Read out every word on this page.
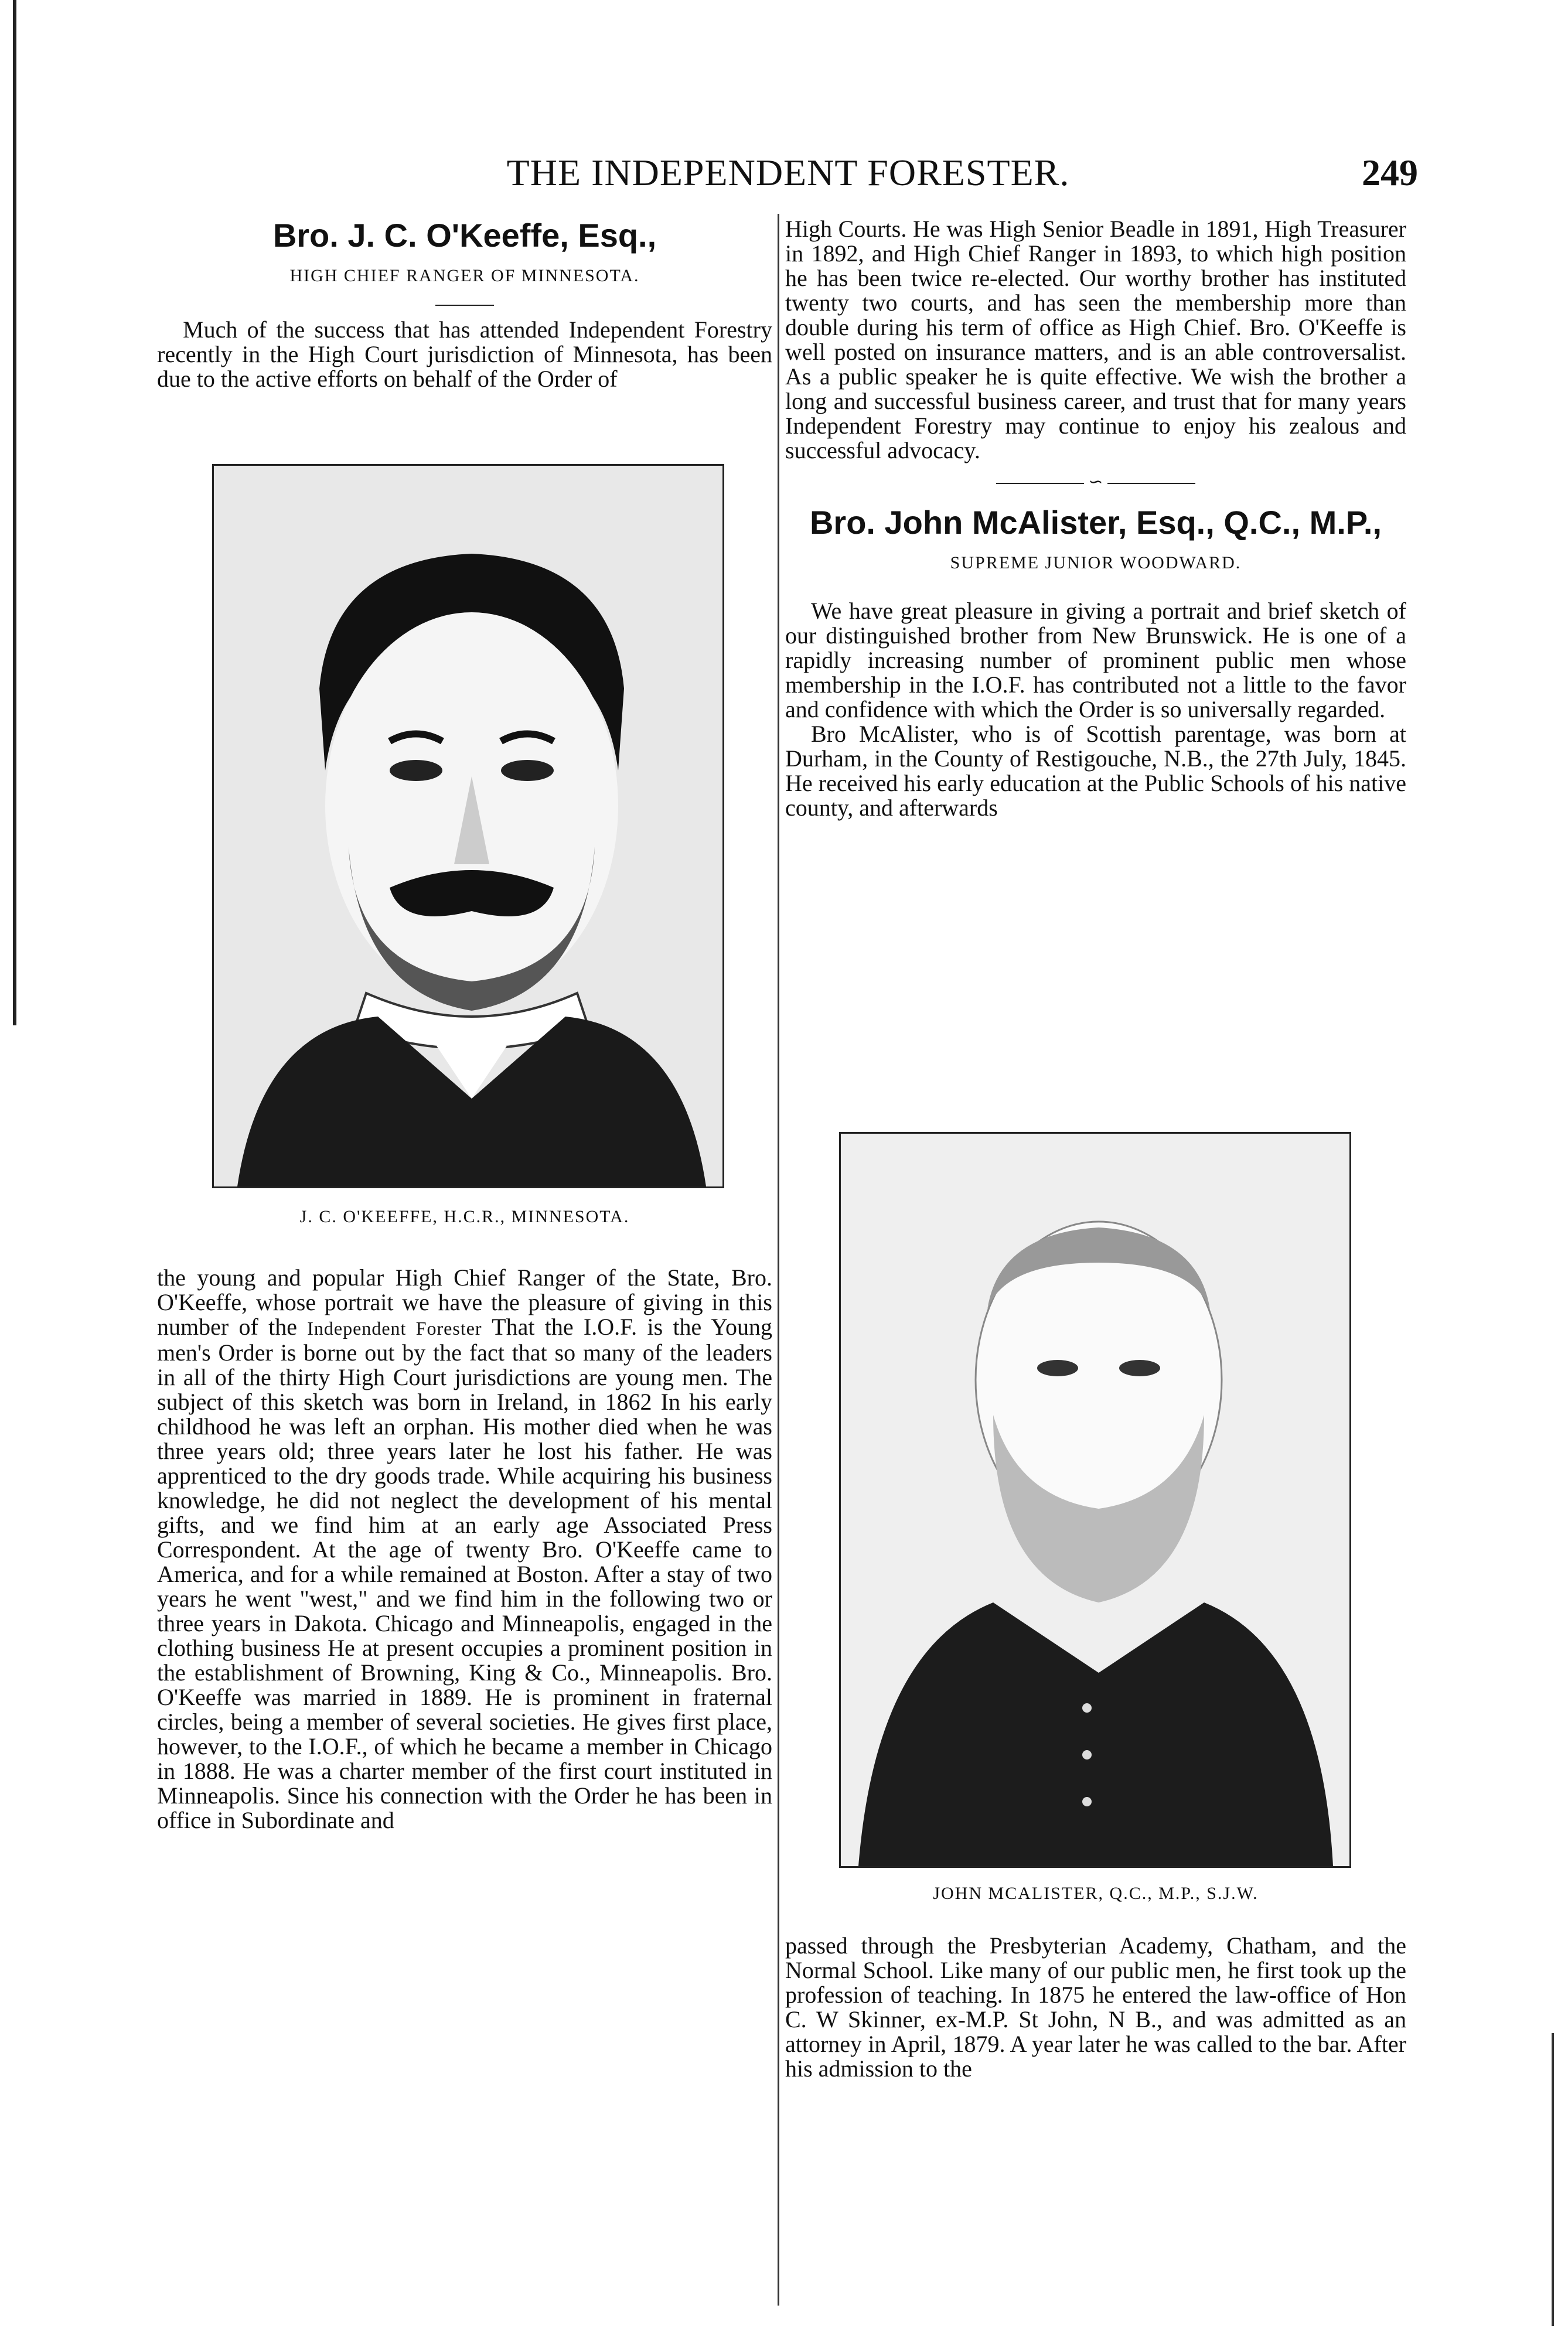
THE INDEPENDENT FORESTER.	249
Bro. J. C. O'Keeffe, Esq.,
HIGH CHIEF RANGER OF MINNESOTA.

Much of the success that has attended Independent Forestry recently in the High Court jurisdiction of Minnesota, has been due to the active efforts on behalf of the Order of

J. C. O'KEEFFE, H.C.R., MINNESOTA.

the young and popular High Chief Ranger of the State, Bro. O'Keeffe, whose portrait we have the pleasure of giving in this number of the Independent Forester That the I.O.F. is the Young men's Order is borne out by the fact that so many of the leaders in all of the thirty High Court jurisdictions are young men. The subject of this sketch was born in Ireland, in 1862 In his early childhood he was left an orphan. His mother died when he was three years old; three years later he lost his father. He was apprenticed to the dry goods trade. While acquiring his business knowledge, he did not neglect the development of his mental gifts, and we find him at an early age Associated Press Correspondent. At the age of twenty Bro. O'Keeffe came to America, and for a while remained at Boston. After a stay of two years he went "west," and we find him in the following two or three years in Dakota. Chicago and Minneapolis, engaged in the clothing business He at present occupies a prominent position in the establishment of Browning, King & Co., Minneapolis. Bro. O'Keeffe was married in 1889. He is prominent in fraternal circles, being a member of several societies. He gives first place, however, to the I.O.F., of which he became a member in Chicago in 1888. He was a charter member of the first court instituted in Minneapolis. Since his connection with the Order he has been in office in Subordinate and

High Courts. He was High Senior Beadle in 1891, High Treasurer in 1892, and High Chief Ranger in 1893, to which high position he has been twice re-elected. Our worthy brother has instituted twenty two courts, and has seen the membership more than double during his term of office as High Chief. Bro. O'Keeffe is well posted on insurance matters, and is an able controversalist. As a public speaker he is quite effective. We wish the brother a long and successful business career, and trust that for many years Independent Forestry may continue to enjoy his zealous and successful advocacy.

∽
Bro. John McAlister, Esq., Q.C., M.P.,
SUPREME JUNIOR WOODWARD.

We have great pleasure in giving a portrait and brief sketch of our distinguished brother from New Brunswick. He is one of a rapidly increasing number of prominent public men whose membership in the I.O.F. has contributed not a little to the favor and confidence with which the Order is so universally regarded.

Bro McAlister, who is of Scottish parentage, was born at Durham, in the County of Restigouche, N.B., the 27th July, 1845. He received his early education at the Public Schools of his native county, and afterwards

JOHN MCALISTER, Q.C., M.P., S.J.W.

passed through the Presbyterian Academy, Chatham, and the Normal School. Like many of our public men, he first took up the profession of teaching. In 1875 he entered the law-office of Hon C. W Skinner, ex-M.P. St John, N B., and was admitted as an attorney in April, 1879. A year later he was called to the bar. After his admission to the
